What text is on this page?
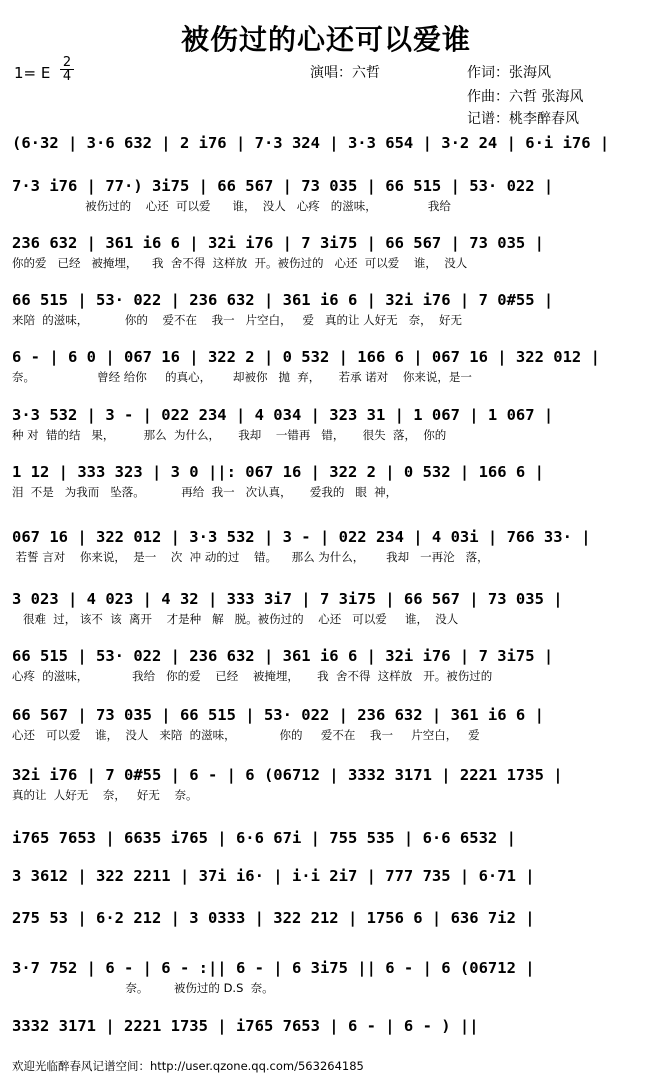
被伤过的心还可以爱谁
1= E
2
4	演唱：六哲	作词：张海风
作曲：六哲 张海风
记谱：桃李醉春风
(6·32 | 3·6 632 | 2 i76 | 7·3 324 | 3·3 654 | 3·2 24 | 6·i i76 |
7·3 i76 | 77·) 3i75 | 66 567 | 73 035 | 66 515 | 53· 022 |
被伤过的    心还  可以爱      谁，  没人   心疼   的滋味，              我给
236 632 | 361 i6 6 | 32i i76 | 7 3i75 | 66 567 | 73 035 |
你的爱   已经   被掩埋，    我  舍不得  这样放  开。被伤过的   心还  可以爱    谁，  没人
66 515 | 53· 022 | 236 632 | 361 i6 6 | 32i i76 | 7 0#55 |
来陪  的滋味，          你的    爱不在    我一   片空白，   爱   真的让 人好无   奈，  好无
6 - | 6 0 | 067 16 | 322 2 | 0 532 | 166 6 | 067 16 | 322 012 |
奈。                 曾经 给你     的真心，      却被你   抛  弃，     若承 诺对    你来说，是一
3·3 532 | 3 - | 022 234 | 4 034 | 323 31 | 1 067 | 1 067 |
种 对  错的结   果，        那么  为什么，     我却    一错再   错，     很失  落，  你的
1 12 | 333 323 | 3 0 ||: 067 16 | 322 2 | 0 532 | 166 6 |
泪  不是   为我而   坠落。          再给  我一   次认真，     爱我的   眼  神，
067 16 | 322 012 | 3·3 532 | 3 - | 022 234 | 4 03i | 766 33· |
若誓 言对    你来说，  是一    次  冲 动的过    错。    那么 为什么，      我却   一再沦   落，
3 023 | 4 023 | 4 32 | 333 3i7 | 7 3i75 | 66 567 | 73 035 |
很难  过， 该不  该  离开    才是种   解   脱。被伤过的    心还   可以爱     谁，  没人
66 515 | 53· 022 | 236 632 | 361 i6 6 | 32i i76 | 7 3i75 |
心疼  的滋味，            我给   你的爱    已经    被掩埋，     我  舍不得  这样放   开。被伤过的
66 567 | 73 035 | 66 515 | 53· 022 | 236 632 | 361 i6 6 |
心还   可以爱    谁，  没人   来陪  的滋味，            你的     爱不在    我一     片空白，   爱
32i i76 | 7 0#55 | 6 - | 6 (06712 | 3332 3171 | 2221 1735 |
真的让  人好无    奈，   好无    奈。
i765 7653 | 6635 i765 | 6·6 67i | 755 535 | 6·6 6532 |
3 3612 | 322 2211 | 37i i6· | i·i 2i7 | 777 735 | 6·71 |
275 53 | 6·2 212 | 3 0333 | 322 212 | 1756 6 | 636 7i2 |
3·7 752 | 6 - | 6 - :|| 6 - | 6 3i75 || 6 - | 6 (06712 |
奈。       被伤过的 D.S  奈。
3332 3171 | 2221 1735 | i765 7653 | 6 - | 6 - ) ||
欢迎光临醉春风记谱空间：http://user.qzone.qq.com/563264185
